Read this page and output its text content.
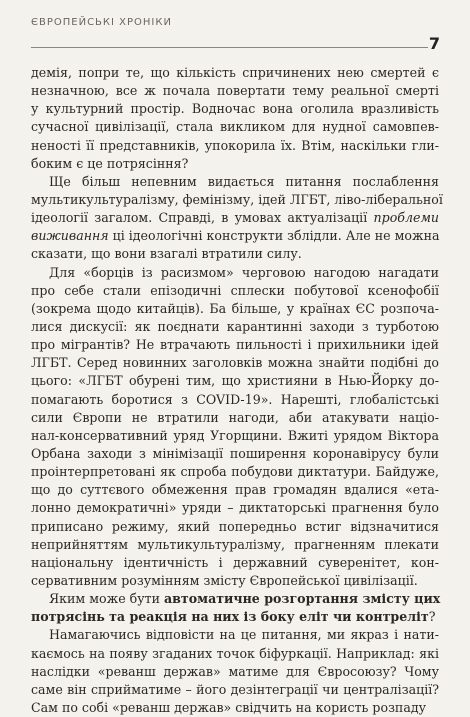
ЄВРОПЕЙСЬКІ ХРОНІКИ
7
демія, попри те, що кількість спричинених нею смертей є
незначною, все ж почала повертати тему реальної смерті
у культурний простір. Водночас вона оголила вразливість
сучасної цивілізації, стала викликом для нудної самовпев-
неності її представників, упокорила їх. Втім, наскільки гли-
боким є це потрясіння?
Ще більш непевним видається питання послаблення
мультикультуралізму, фемінізму, ідей ЛГБТ, ліво-ліберальної
ідеології загалом. Справді, в умовах актуалізації проблеми
виживання ці ідеологічні конструкти зблідли. Але не можна
сказати, що вони взагалі втратили силу.
Для «борців із расизмом» черговою нагодою нагадати
про себе стали епізодичні сплески побутової ксенофобії
(зокрема щодо китайців). Ба більше, у країнах ЄС розпоча-
лися дискусії: як поєднати карантинні заходи з турботою
про мігрантів? Не втрачають пильності і прихильники ідей
ЛГБТ. Серед новинних заголовків можна знайти подібні до
цього: «ЛГБТ обурені тим, що християни в Нью-Йорку до-
помагають боротися з COVID-19». Нарешті, глобалістські
сили Європи не втратили нагоди, аби атакувати націо-
нал-консервативний уряд Угорщини. Вжиті урядом Віктора
Орбана заходи з мінімізації поширення коронавірусу були
проінтерпретовані як спроба побудови диктатури. Байдуже,
що до суттєвого обмеження прав громадян вдалися «ета-
лонно демократичні» уряди – диктаторські прагнення було
приписано режиму, який попередньо встиг відзначитися
неприйняттям мультикультуралізму, прагненням плекати
національну ідентичність і державний суверенітет, кон-
сервативним розумінням змісту Європейської цивілізації.
Яким може бути автоматичне розгортання змісту цих
потрясінь та реакція на них із боку еліт чи контреліт?
Намагаючись відповісти на це питання, ми якраз і нати-
каємось на появу згаданих точок біфуркації. Наприклад: які
наслідки «реванш держав» матиме для Євросоюзу? Чому
саме він сприйматиме – його дезінтеграції чи централізації?
Сам по собі «реванш держав» свідчить на користь розпаду
